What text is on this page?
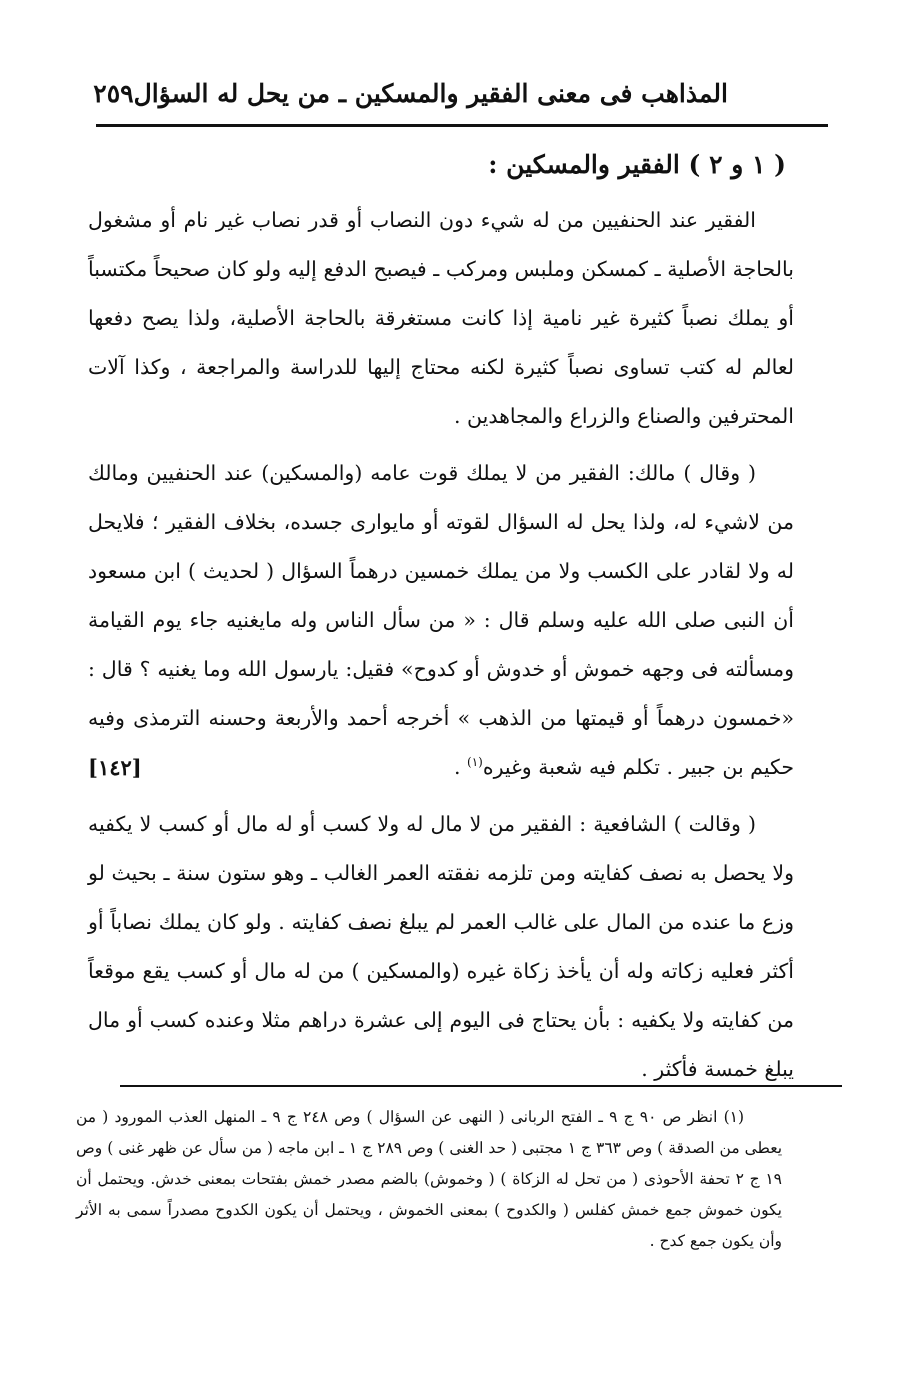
المذاهب فى معنى الفقير والمسكين ـ من يحل له السؤال
٢٥٩
( ١ و ٢ ) الفقير والمسكين :

الفقير عند الحنفيين من له شيء دون النصاب أو قدر نصاب غير نام أو مشغول بالحاجة الأصلية ـ كمسكن وملبس ومركب ـ فيصبح الدفع إليه ولو كان صحيحاً مكتسباً أو يملك نصباً كثيرة غير نامية إذا كانت مستغرقة بالحاجة الأصلية، ولذا يصح دفعها لعالم له كتب تساوى نصباً كثيرة لكنه محتاج إليها للدراسة والمراجعة ، وكذا آلات المحترفين والصناع والزراع والمجاهدين .

( وقال ) مالك: الفقير من لا يملك قوت عامه (والمسكين) عند الحنفيين ومالك من لاشيء له، ولذا يحل له السؤال لقوته أو مايوارى جسده، بخلاف الفقير ؛ فلايحل له ولا لقادر على الكسب ولا من يملك خمسين درهماً السؤال ( لحديث ) ابن مسعود أن النبى صلى الله عليه وسلم قال : « من سأل الناس وله مايغنيه جاء يوم القيامة ومسألته فى وجهه خموش أو خدوش أو كدوح» فقيل: يارسول الله وما يغنيه ؟ قال : «خمسون درهماً أو قيمتها من الذهب » أخرجه أحمد والأربعة وحسنه الترمذى وفيه حكيم بن جبير . تكلم فيه شعبة وغيره$^{(١)}$ .
[١٤٢]

( وقالت ) الشافعية : الفقير من لا مال له ولا كسب أو له مال أو كسب لا يكفيه ولا يحصل به نصف كفايته ومن تلزمه نفقته العمر الغالب ـ وهو ستون سنة ـ بحيث لو وزع ما عنده من المال على غالب العمر لم يبلغ نصف كفايته . ولو كان يملك نصاباً أو أكثر فعليه زكاته وله أن يأخذ زكاة غيره (والمسكين ) من له مال أو كسب يقع موقعاً من كفايته ولا يكفيه : بأن يحتاج فى اليوم إلى عشرة دراهم مثلا وعنده كسب أو مال يبلغ خمسة فأكثر .

(١) انظر ص ٩٠ ج ٩ ـ الفتح الربانى ( النهى عن السؤال ) وص ٢٤٨ ج ٩ ـ المنهل العذب المورود ( من يعطى من الصدقة ) وص ٣٦٣ ج ١ مجتبى ( حد الغنى ) وص ٢٨٩ ج ١ ـ ابن ماجه ( من سأل عن ظهر غنى ) وص ١٩ ج ٢ تحفة الأحوذى ( من تحل له الزكاة ) ( وخموش) بالضم مصدر خمش بفتحات بمعنى خدش. ويحتمل أن يكون خموش جمع خمش كفلس ( والكدوح ) بمعنى الخموش ، ويحتمل أن يكون الكدوح مصدراً سمى به الأثر وأن يكون جمع كدح .
